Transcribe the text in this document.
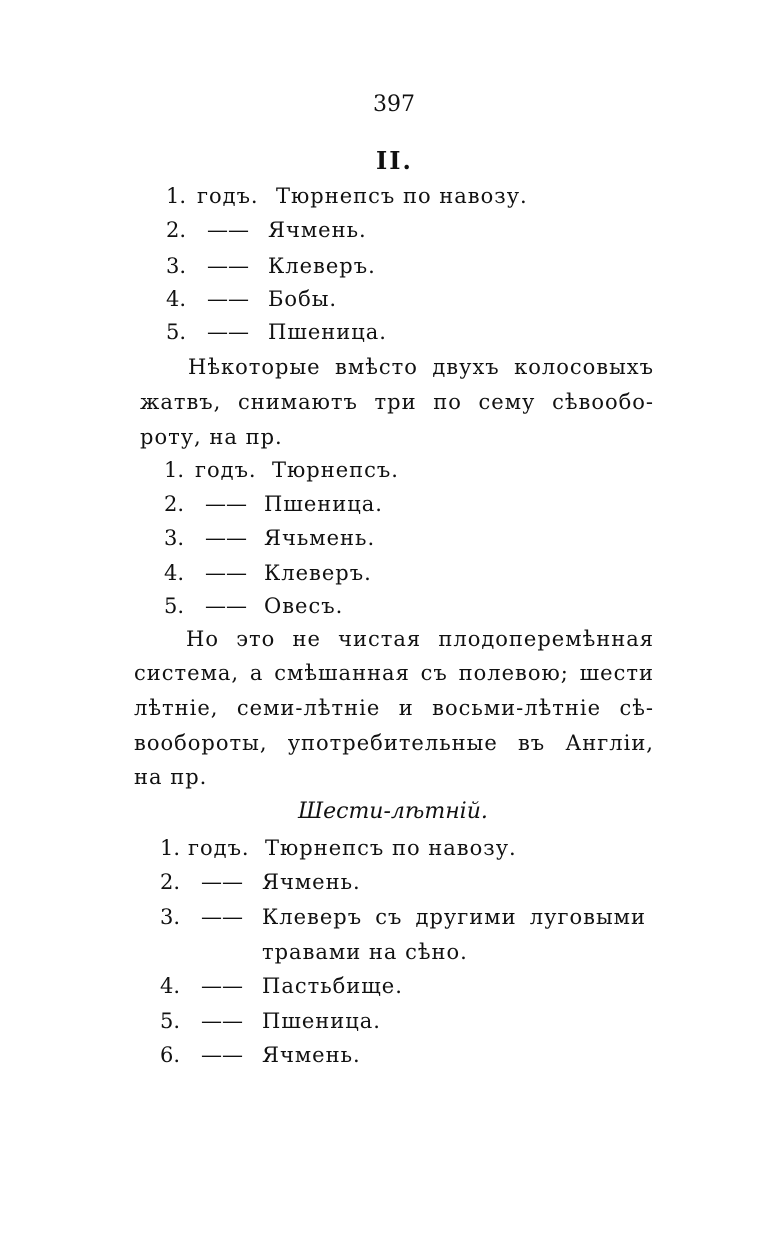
397
II.
1. годъ. Тюрнепсъ по навозу.
2. —— Ячмень.
3. —— Клеверъ.
4. —— Бобы.
5. —— Пшеница.
Нѣкоторые вмѣсто двухъ колосовыхъ
жатвъ, снимаютъ три по сему сѣвообо-
роту, на пр.
1. годъ. Тюрнепсъ.
2. —— Пшеница.
3. —— Ячьмень.
4. —— Клеверъ.
5. —— Овесъ.
Но это не чистая плодоперемѣнная
система, а смѣшанная съ полевою; шести
лѣтніе, семи-лѣтніе и восьми-лѣтніе сѣ-
вообороты, употребительные въ Англіи,
на пр.
Шести-лѣтній.
1. годъ. Тюрнепсъ по навозу.
2. —— Ячмень.
3. —— Клеверъ съ другими луговыми
травами на сѣно.
4. —— Пастьбище.
5. —— Пшеница.
6. —— Ячмень.
